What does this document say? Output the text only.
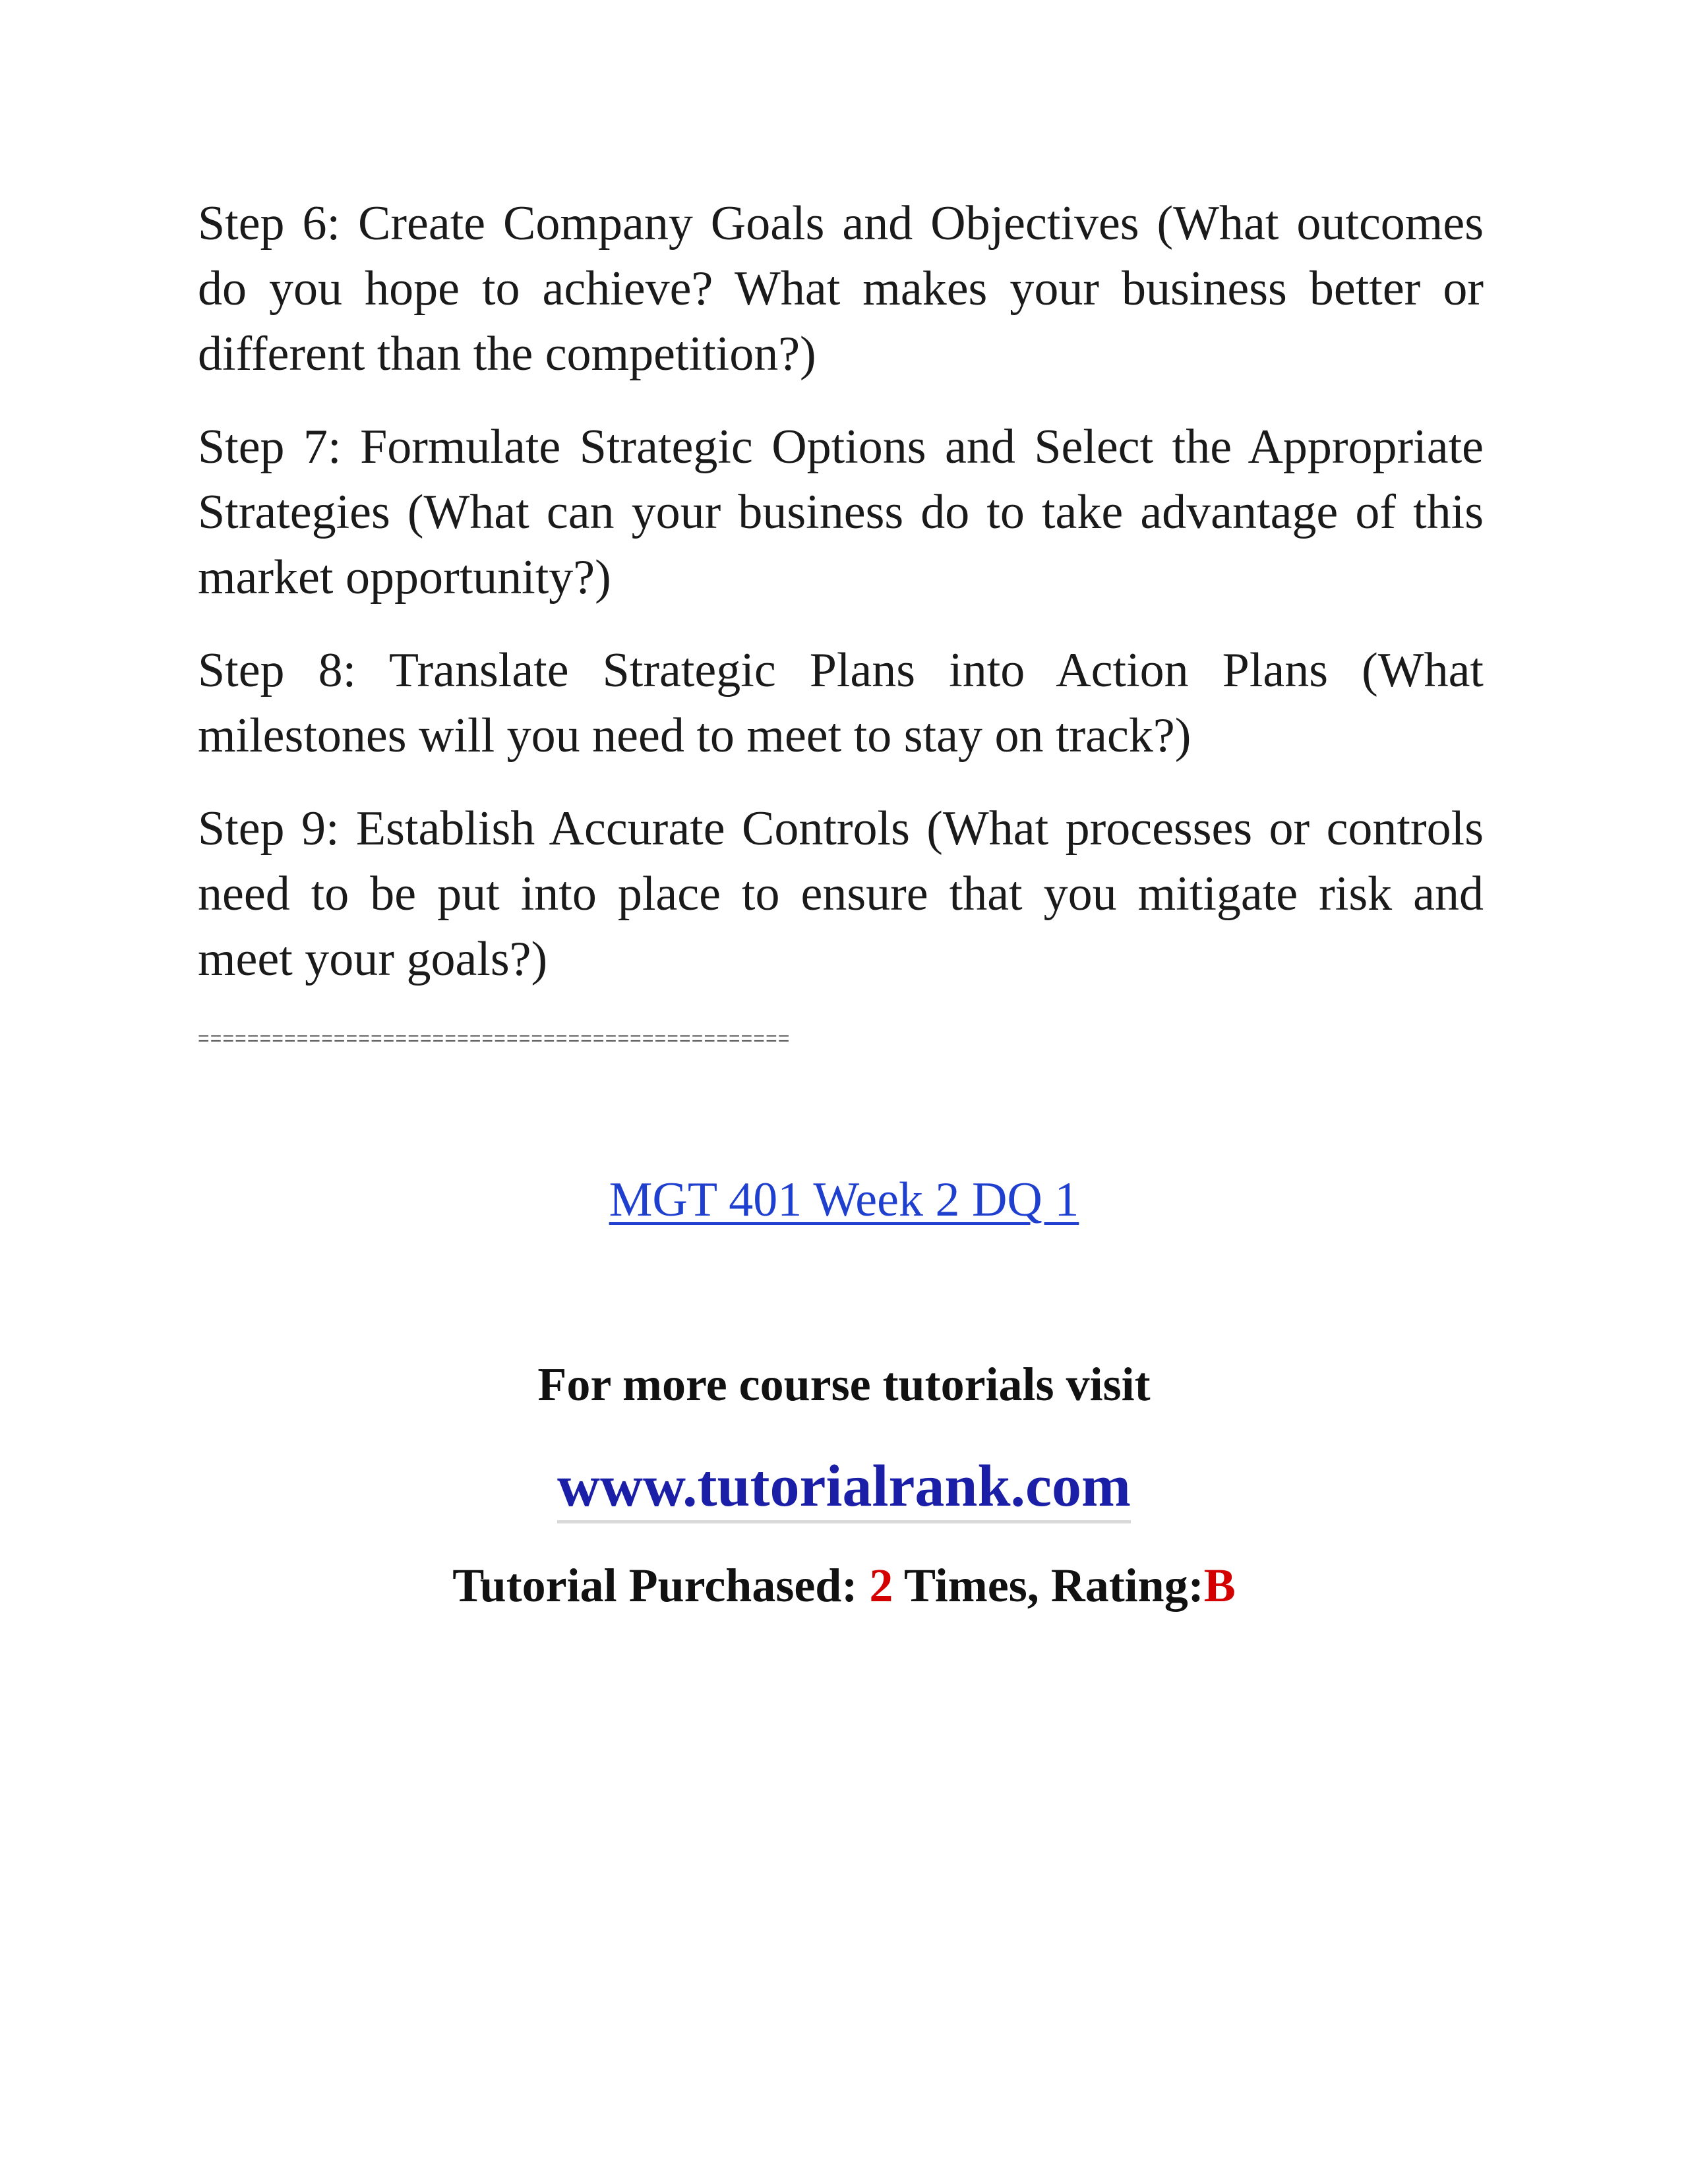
Step 6: Create Company Goals and Objectives (What outcomes do you hope to achieve? What makes your business better or different than the competition?)

Step 7: Formulate Strategic Options and Select the Appropriate Strategies (What can your business do to take advantage of this market opportunity?)

Step 8: Translate Strategic Plans into Action Plans (What milestones will you need to meet to stay on track?)

Step 9: Establish Accurate Controls (What processes or controls need to be put into place to ensure that you mitigate risk and meet your goals?)

================================================
MGT 401 Week 2 DQ 1
For more course tutorials visit
www.tutorialrank.com
Tutorial Purchased: 2 Times, Rating:B
